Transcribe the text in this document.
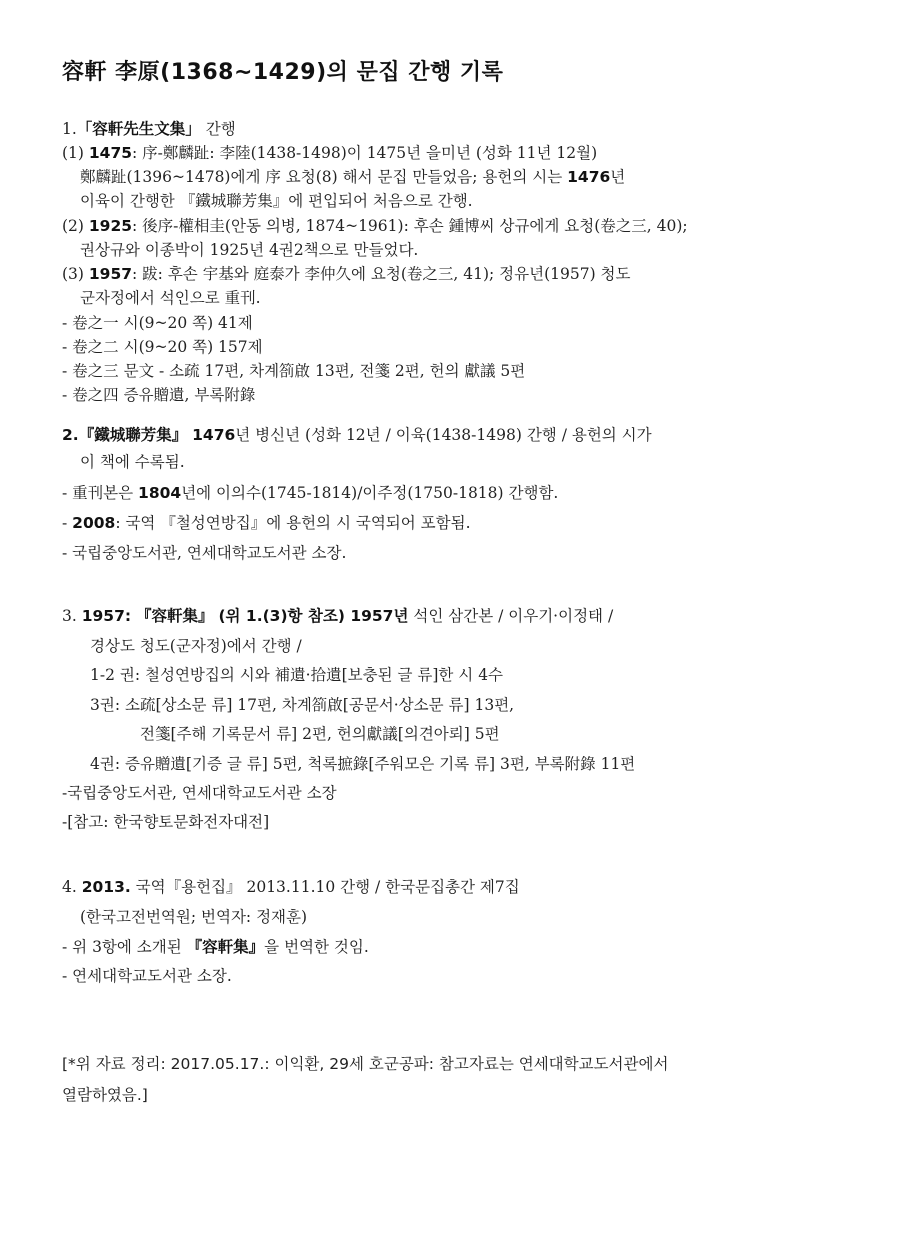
容軒 李原(1368~1429)의 문집 간행 기록
1.「容軒先生文集」 간행
(1) 1475: 序-鄭麟趾: 李陸(1438-1498)이 1475년 을미년 (성화 11년 12월)
鄭麟趾(1396~1478)에게 序 요청(8) 해서 문집 만들었음; 용헌의 시는 1476년
이육이 간행한 『鐵城聯芳集』에 편입되어 처음으로 간행.
(2) 1925: 後序-權相圭(안동 의병, 1874~1961): 후손 鍾博씨 상규에게 요청(卷之三, 40);
권상규와 이종박이 1925년 4권2책으로 만들었다.
(3) 1957: 跋: 후손 宇基와 庭泰가 李仲久에 요청(卷之三, 41); 정유년(1957) 청도
군자정에서 석인으로 重刊.
- 卷之一 시(9~20 쪽) 41제
- 卷之二 시(9~20 쪽) 157제
- 卷之三 문文 - 소疏 17편, 차계箚啟 13편, 전箋 2편, 헌의 獻議 5편
- 卷之四 증유贈遺, 부록附錄
2.『鐵城聯芳集』 1476년 병신년 (성화 12년 / 이육(1438-1498) 간행 / 용헌의 시가
이 책에 수록됨.
- 重刊본은 1804년에 이의수(1745-1814)/이주정(1750-1818) 간행함.
- 2008: 국역 『철성연방집』에 용헌의 시 국역되어 포함됨.
- 국립중앙도서관, 연세대학교도서관 소장.
3. 1957: 『容軒集』 (위 1.(3)항 참조) 1957년 석인 삼간본 / 이우기·이정태 /
경상도 청도(군자정)에서 간행 /
1-2 권: 철성연방집의 시와 補遺·拾遺[보충된 글 류]한 시 4수
3권: 소疏[상소문 류] 17편, 차계箚啟[공문서·상소문 류] 13편,
전箋[주해 기록문서 류] 2편, 헌의獻議[의견아뢰] 5편
4권: 증유贈遺[기증 글 류] 5편, 척록摭錄[주워모은 기록 류] 3편, 부록附錄 11편
-국립중앙도서관, 연세대학교도서관 소장
-[참고: 한국향토문화전자대전]
4. 2013. 국역『용헌집』 2013.11.10 간행 / 한국문집총간 제7집
(한국고전번역원; 번역자: 정재훈)
- 위 3항에 소개된 『容軒集』을 번역한 것임.
- 연세대학교도서관 소장.
[*위 자료 정리: 2017.05.17.: 이익환, 29세 호군공파: 참고자료는 연세대학교도서관에서
열람하였음.]
